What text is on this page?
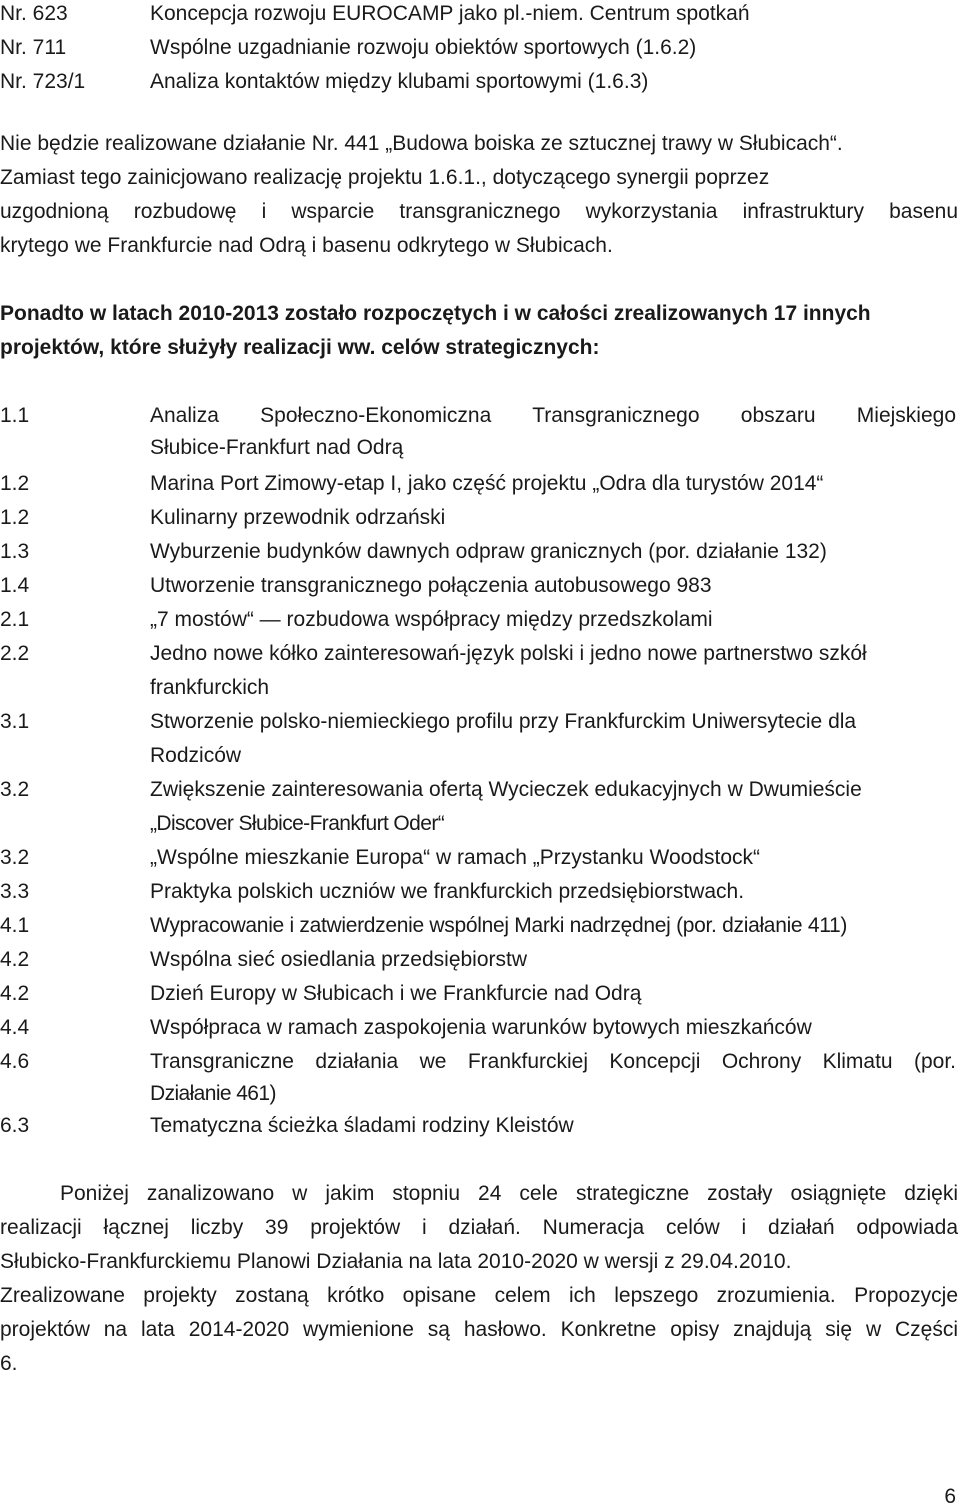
Nr. 623	Koncepcja rozwoju EUROCAMP jako pl.-niem. Centrum spotkań
Nr. 711	Wspólne uzgadnianie rozwoju obiektów sportowych (1.6.2)
Nr. 723/1	Analiza kontaktów między klubami sportowymi (1.6.3)
Nie będzie realizowane działanie Nr. 441 „Budowa boiska ze sztucznej trawy w Słubicach“.
Zamiast tego zainicjowano realizację projektu 1.6.1., dotyczącego synergii poprzez
uzgodnioną rozbudowę i wsparcie transgranicznego wykorzystania infrastruktury basenu
krytego we Frankfurcie nad Odrą i basenu odkrytego w Słubicach.
Ponadto w latach 2010-2013 zostało rozpoczętych i w całości zrealizowanych 17 innych
projektów, które służyły realizacji ww. celów strategicznych:
1.1	Analiza Społeczno-Ekonomiczna Transgranicznego obszaru Miejskiego
Słubice-Frankfurt nad Odrą
1.2	Marina Port Zimowy-etap I, jako część projektu „Odra dla turystów 2014“
1.2	Kulinarny przewodnik odrzański
1.3	Wyburzenie budynków dawnych odpraw granicznych (por. działanie 132)
1.4	Utworzenie transgranicznego połączenia autobusowego 983
2.1	„7 mostów“ — rozbudowa współpracy między przedszkolami
2.2	Jedno nowe kółko zainteresowań-język polski i jedno nowe partnerstwo szkół
frankfurckich
3.1	Stworzenie polsko-niemieckiego profilu przy Frankfurckim Uniwersytecie dla
Rodziców
3.2	Zwiększenie zainteresowania ofertą Wycieczek edukacyjnych w Dwumieście
„Discover Słubice-Frankfurt Oder“
3.2	„Wspólne mieszkanie Europa“ w ramach „Przystanku Woodstock“
3.3	Praktyka polskich uczniów we frankfurckich przedsiębiorstwach.
4.1	Wypracowanie i zatwierdzenie wspólnej Marki nadrzędnej (por. działanie 411)
4.2	Wspólna sieć osiedlania przedsiębiorstw
4.2	Dzień Europy w Słubicach i we Frankfurcie nad Odrą
4.4	Współpraca w ramach zaspokojenia warunków bytowych mieszkańców
4.6	Transgraniczne działania we Frankfurckiej Koncepcji Ochrony Klimatu (por.
Działanie 461)
6.3	Tematyczna ścieżka śladami rodziny Kleistów
Poniżej zanalizowano w jakim stopniu 24 cele strategiczne zostały osiągnięte dzięki
realizacji łącznej liczby 39 projektów i działań. Numeracja celów i działań odpowiada
Słubicko-Frankfurckiemu Planowi Działania na lata 2010-2020 w wersji z 29.04.2010.
Zrealizowane projekty zostaną krótko opisane celem ich lepszego zrozumienia. Propozycje
projektów na lata 2014-2020 wymienione są hasłowo. Konkretne opisy znajdują się w Części
6.
6
